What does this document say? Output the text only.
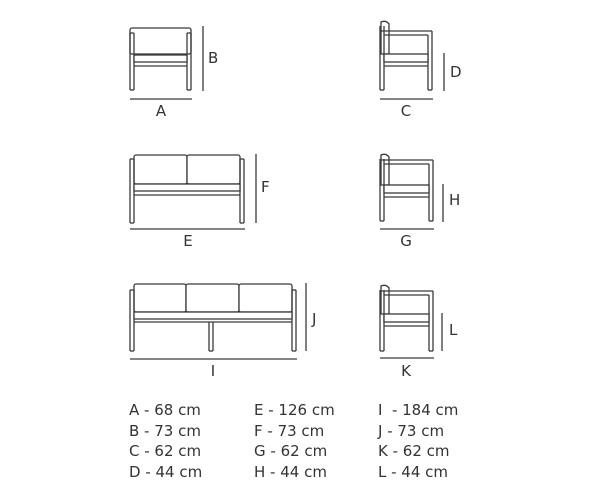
A
B
C
D
E
F
G
H
I
J
K
L
A - 68 cm
B - 73 cm
C - 62 cm
D - 44 cm
E - 126 cm
F - 73 cm
G - 62 cm
H - 44 cm
I  - 184 cm
J - 73 cm
K - 62 cm
L - 44 cm
